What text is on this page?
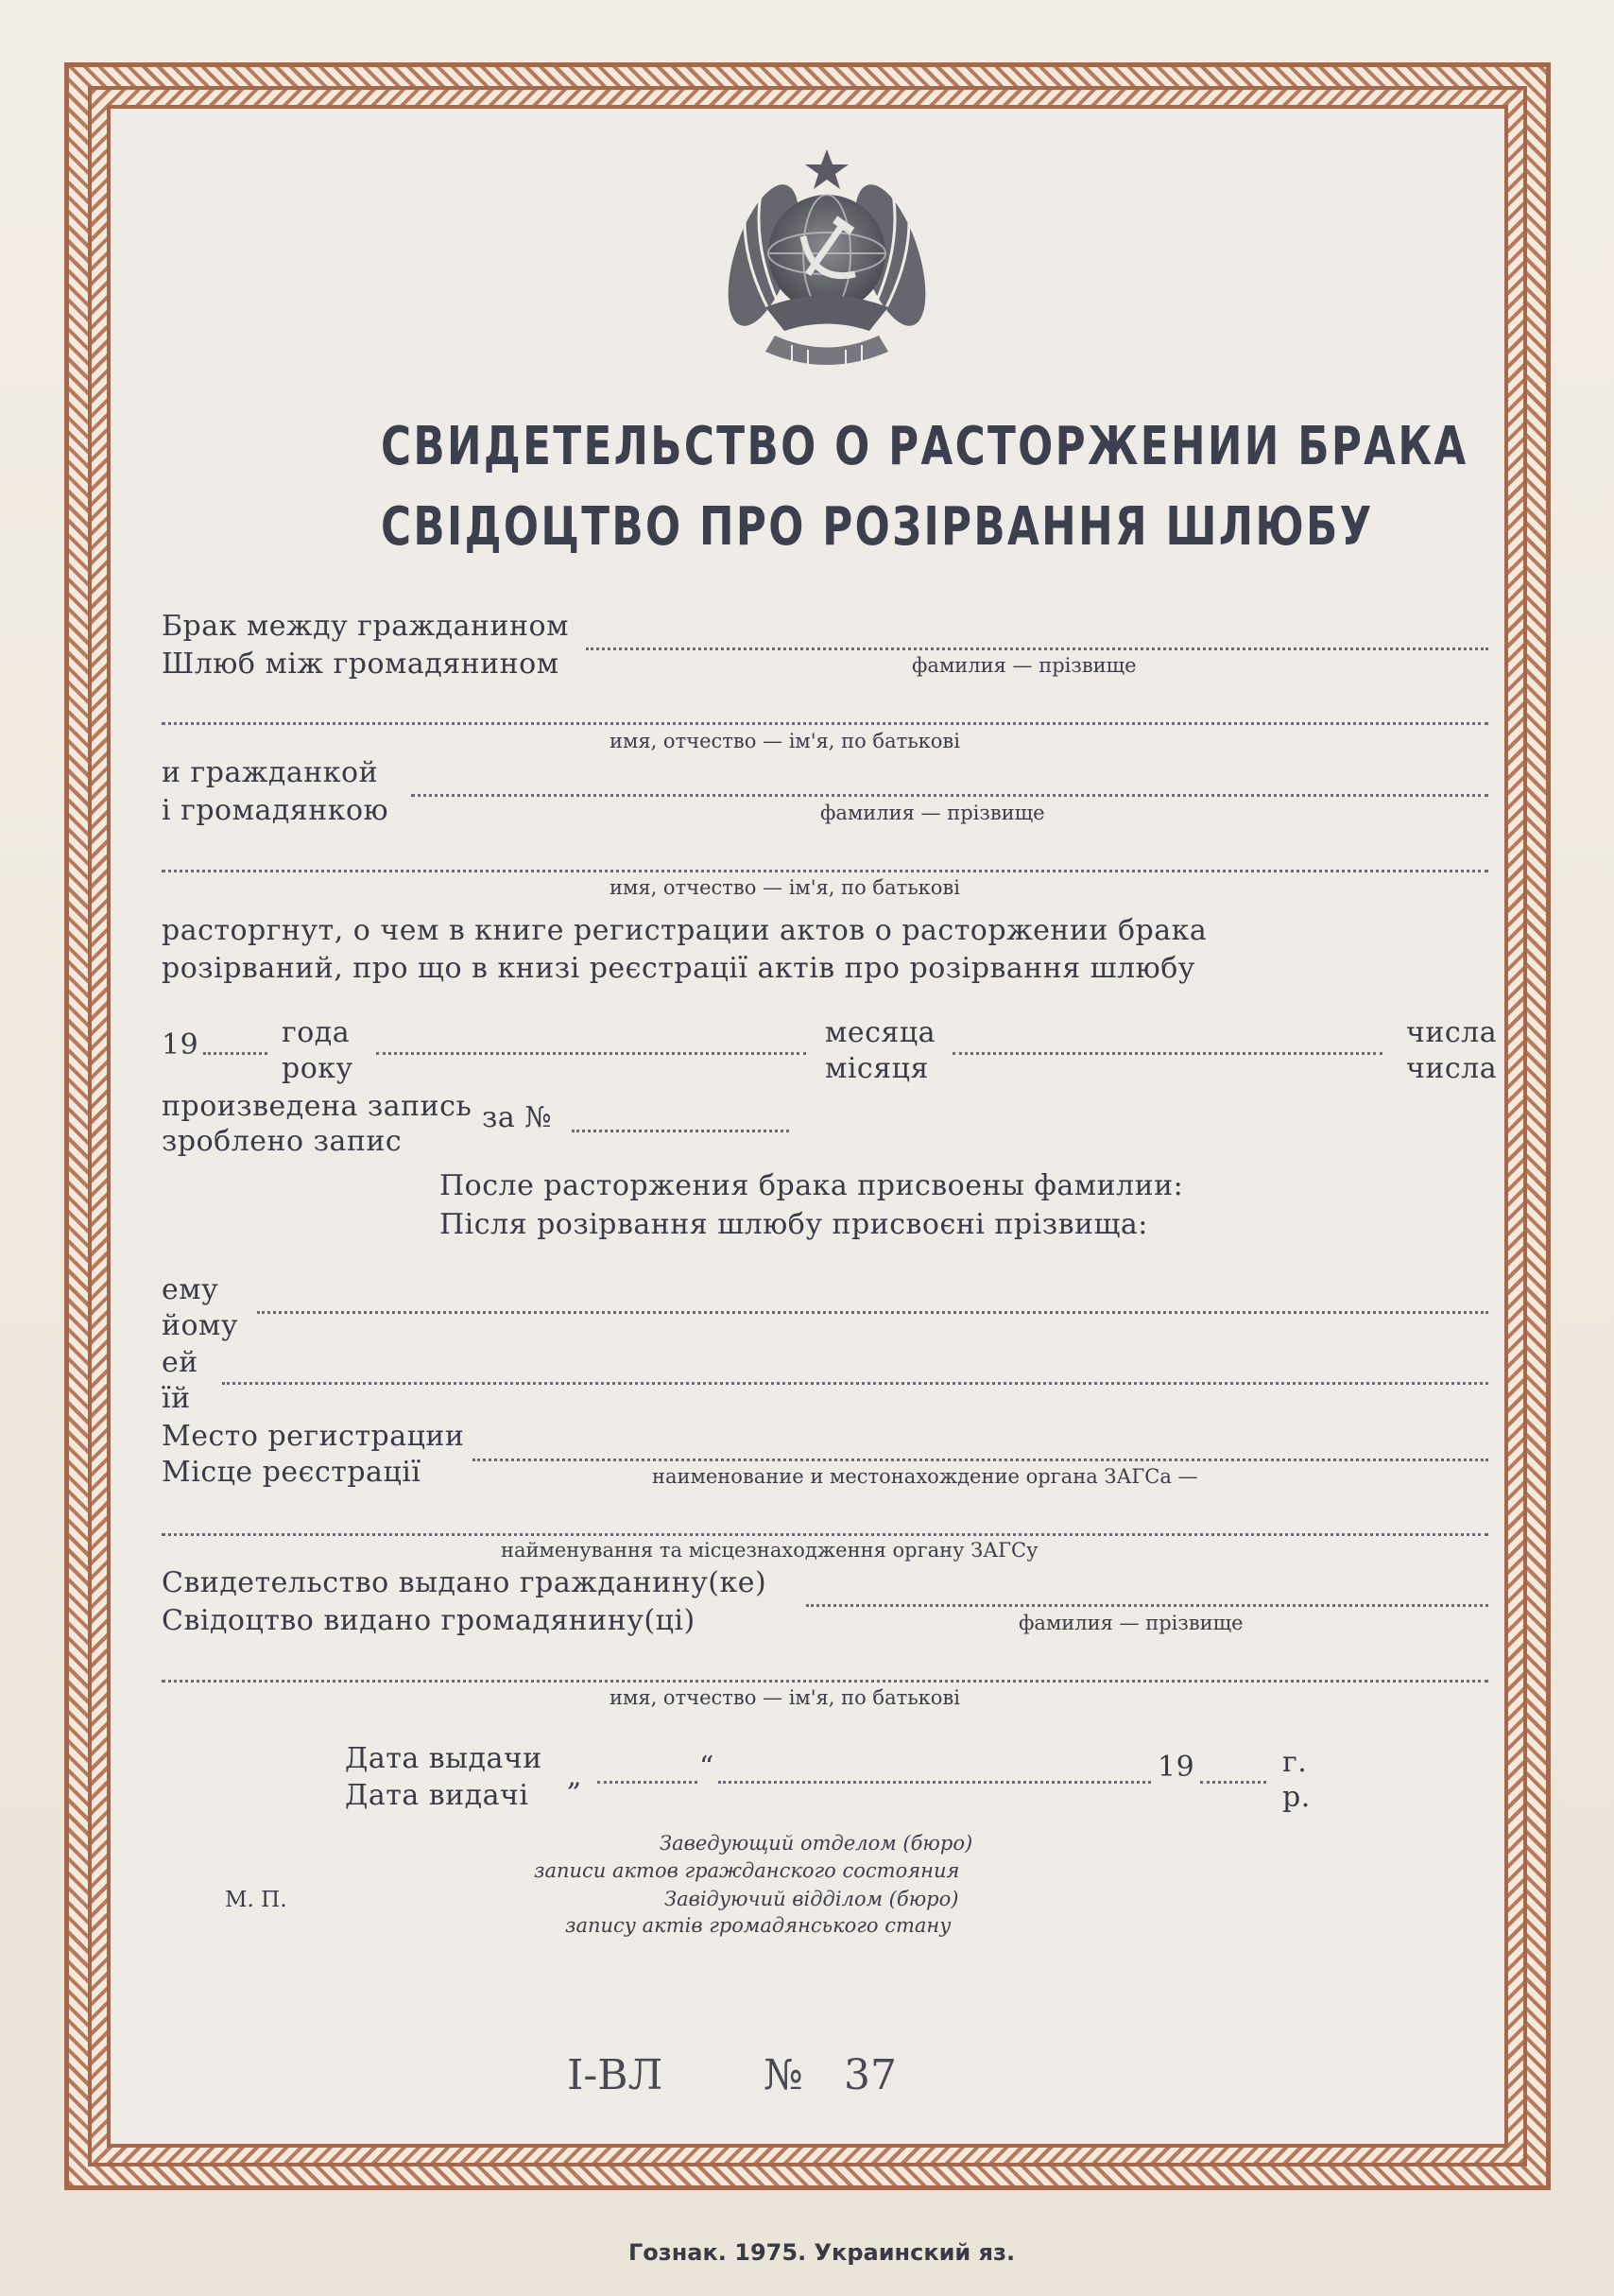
СВИДЕТЕЛЬСТВО О РАСТОРЖЕНИИ БРАКА
СВІДОЦТВО ПРО РОЗІРВАННЯ ШЛЮБУ
Брак между гражданином
Шлюб між громадянином	фамилия — прізвище
имя, отчество — ім'я, по батькові
и гражданкой
і громадянкою	фамилия — прізвище
имя, отчество — ім'я, по батькові
расторгнут, о чем в книге регистрации актов о расторжении брака
розірваний, про що в книзі реєстрації актів про розірвання шлюбу
19	года
року
месяца
місяця
числа
числа
произведена запись
зроблено запис
за №
После расторжения брака присвоены фамилии:
Після розірвання шлюбу присвоєні прізвища:
ему
йому
ей
їй
Место регистрации
Місце реєстрації	наименование и местонахождение органа ЗАГСа —
найменування та місцезнаходження органу ЗАГСу
Свидетельство выдано гражданину(ке)
Свідоцтво видано громадянину(ці)	фамилия — прізвище
имя, отчество — ім'я, по батькові
Дата выдачи
Дата видачі
„	“	19	г.
р.
М. П.
Заведующий отделом (бюро)
записи актов гражданского состояния
Завідуючий відділом (бюро)
запису актів громадянського стану
I-ВЛ № 37
Гознак. 1975. Украинский яз.
